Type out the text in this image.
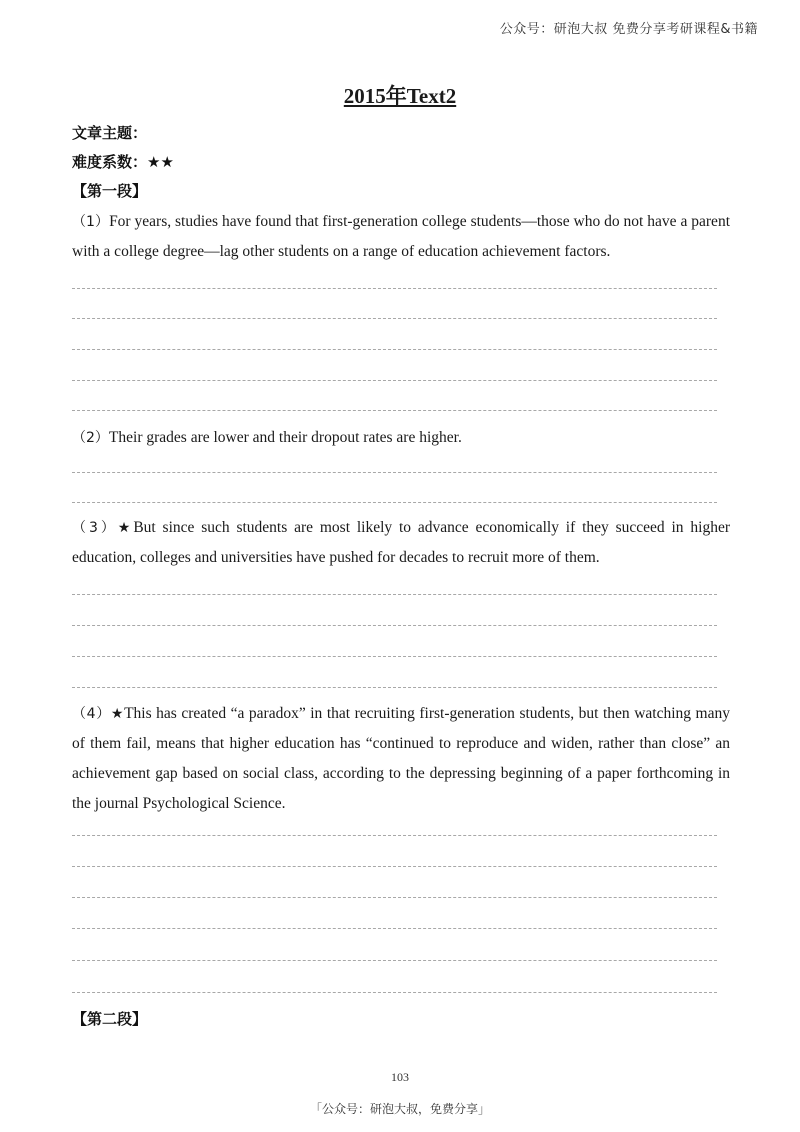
公众号：研泡大叔 免费分享考研课程&书籍
2015年Text2
文章主题：
难度系数：★★
【第一段】
（1）For years, studies have found that first-generation college students—those who do not have a parent with a college degree—lag other students on a range of education achievement factors.
（2）Their grades are lower and their dropout rates are higher.
（3）★But since such students are most likely to advance economically if they succeed in higher education, colleges and universities have pushed for decades to recruit more of them.
（4）★This has created “a paradox” in that recruiting first-generation students, but then watching many of them fail, means that higher education has “continued to reproduce and widen, rather than close” an achievement gap based on social class, according to the depressing beginning of a paper forthcoming in the journal Psychological Science.
【第二段】
103
「公众号：研泡大叔，免费分享」
